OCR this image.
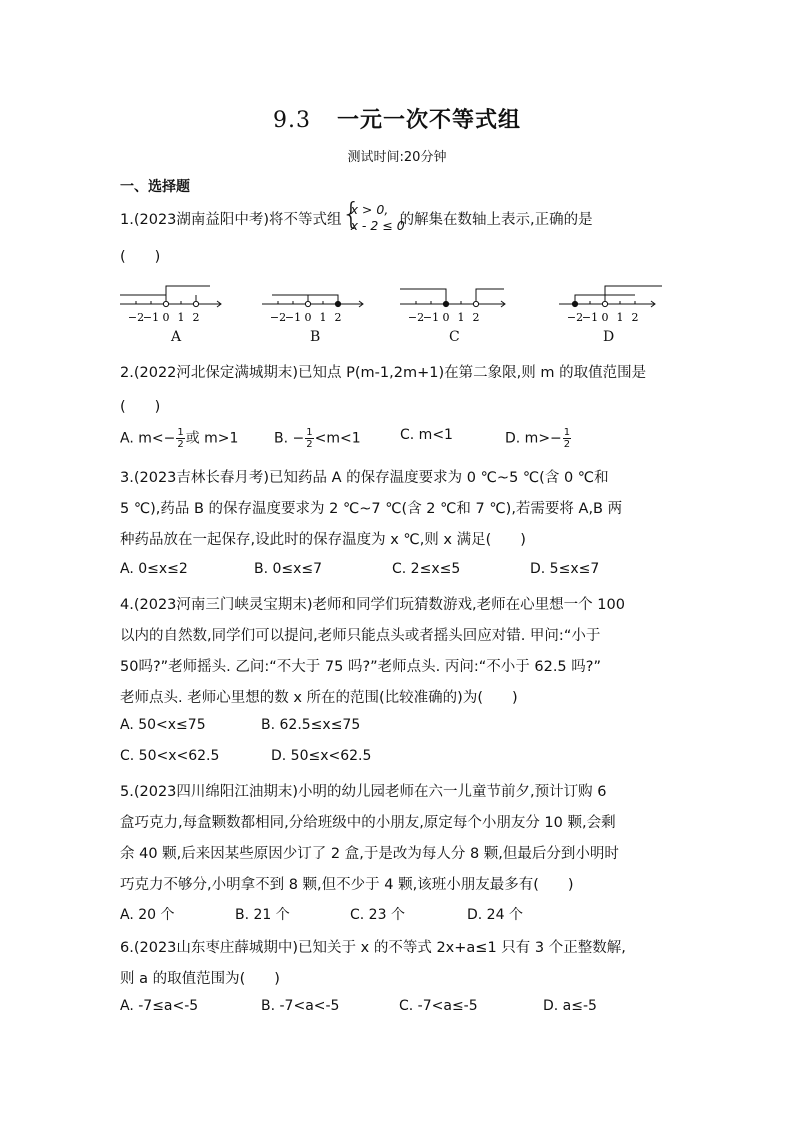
9.3 一元一次不等式组
测试时间:20分钟
一、选择题
1.(2023湖南益阳中考)将不等式组 {
x > 0,
x - 2 ≤ 0
的解集在数轴上表示,正确的是
(　　)
−2
−1 0 1 2
A
−2
−1 0 1 2
B
−2
−1 0 1 2
C
−2
−1 0 1 2
D
2.(2022河北保定满城期末)已知点 P(m-1,2m+1)在第二象限,则 m 的取值范围是
(　　)
A. $m<- \frac{1}{2}$ 或 m>1	B. − $\frac{1}{2} <m<1$	C. m<1	D. $m>- \frac{1}{2}$
3.(2023吉林长春月考)已知药品 A 的保存温度要求为 0 ℃~5 ℃(含 0 ℃和
5 ℃),药品 B 的保存温度要求为 2 ℃~7 ℃(含 2 ℃和 7 ℃),若需要将 A,B 两
种药品放在一起保存,设此时的保存温度为 x ℃,则 x 满足(　　)
A. 0≤x≤2	B. 0≤x≤7	C. 2≤x≤5	D. 5≤x≤7
4.(2023河南三门峡灵宝期末)老师和同学们玩猜数游戏,老师在心里想一个 100
以内的自然数,同学们可以提问,老师只能点头或者摇头回应对错. 甲问:“小于
50吗?”老师摇头. 乙问:“不大于 75 吗?”老师点头. 丙问:“不小于 62.5 吗?”
老师点头. 老师心里想的数 x 所在的范围(比较准确的)为(　　)
A. 50<x≤75	B. 62.5≤x≤75
C. 50<x<62.5	D. 50≤x<62.5
5.(2023四川绵阳江油期末)小明的幼儿园老师在六一儿童节前夕,预计订购 6
盒巧克力,每盒颗数都相同,分给班级中的小朋友,原定每个小朋友分 10 颗,会剩
余 40 颗,后来因某些原因少订了 2 盒,于是改为每人分 8 颗,但最后分到小明时
巧克力不够分,小明拿不到 8 颗,但不少于 4 颗,该班小朋友最多有(　　)
A. 20 个	B. 21 个	C. 23 个	D. 24 个
6.(2023山东枣庄薛城期中)已知关于 x 的不等式 2x+a≤1 只有 3 个正整数解,
则 a 的取值范围为(　　)
A. -7≤a<-5	B. -7<a<-5	C. -7<a≤-5	D. a≤-5
